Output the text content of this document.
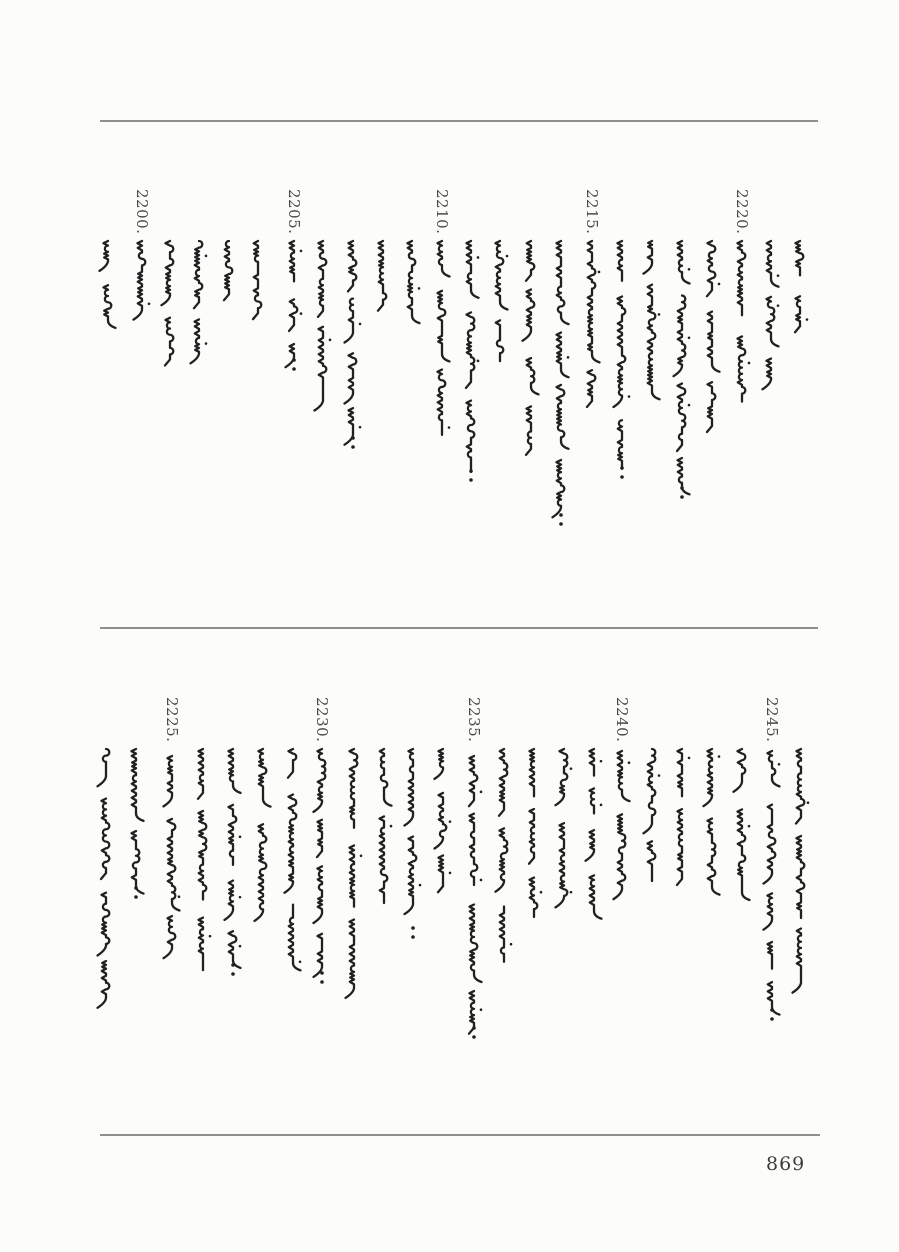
2200.	2205.	2210.	2215.	2220.
2225.	2230.	2235.	2240.	2245.
869
